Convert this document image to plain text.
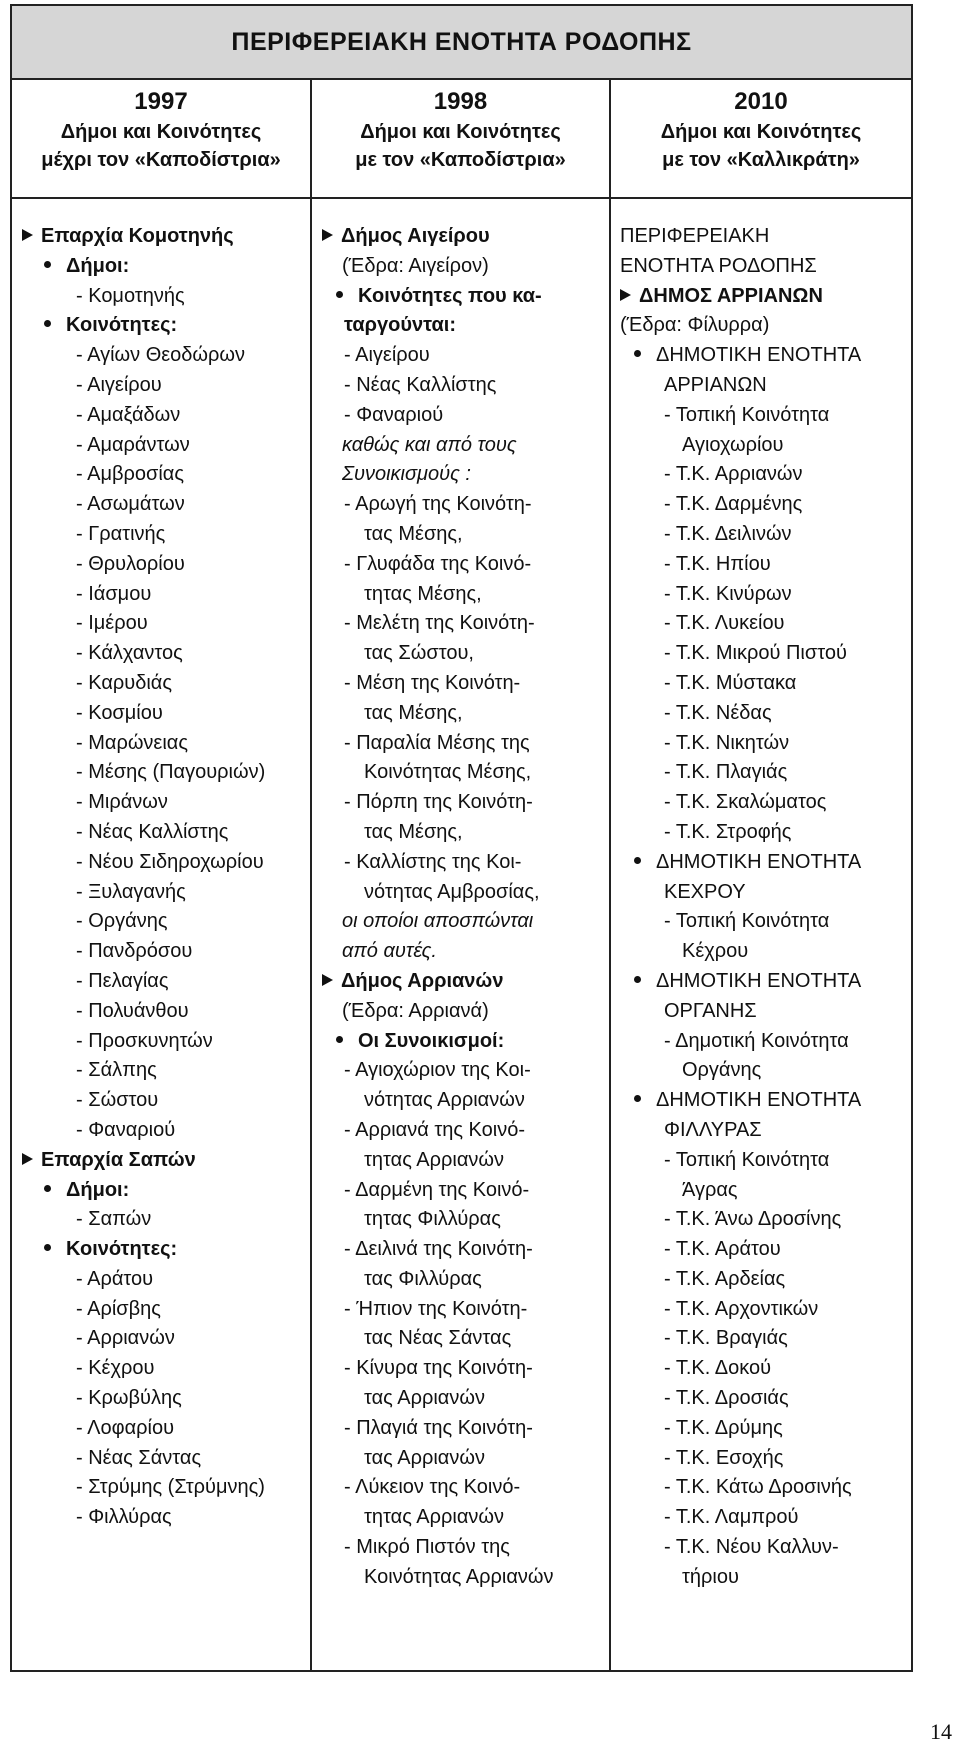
ΠΕΡΙΦΕΡΕΙΑΚΗ ΕΝΟΤΗΤΑ ΡΟΔΟΠΗΣ
1997
Δήμοι και Κοινότητες
μέχρι τον «Καποδίστρια»
1998
Δήμοι και Κοινότητες
με τον «Καποδίστρια»
2010
Δήμοι και Κοινότητες
με τον «Καλλικράτη»
Επαρχία Κομοτηνής
Δήμοι:
- Κομοτηνής
Κοινότητες:
- Αγίων Θεοδώρων
- Αιγείρου
- Αμαξάδων
- Αμαράντων
- Αμβροσίας
- Ασωμάτων
- Γρατινής
- Θρυλορίου
- Ιάσμου
- Ιμέρου
- Κάλχαντος
- Καρυδιάς
- Κοσμίου
- Μαρώνειας
- Μέσης (Παγουριών)
- Μιράνων
- Νέας Καλλίστης
- Νέου Σιδηροχωρίου
- Ξυλαγανής
- Οργάνης
- Πανδρόσου
- Πελαγίας
- Πολυάνθου
- Προσκυνητών
- Σάλπης
- Σώστου
- Φαναριού
Επαρχία Σαπών
Δήμοι:
- Σαπών
Κοινότητες:
- Αράτου
- Αρίσβης
- Αρριανών
- Κέχρου
- Κρωβύλης
- Λοφαρίου
- Νέας Σάντας
- Στρύμης (Στρύμνης)
- Φιλλύρας
Δήμος Αιγείρου
(Έδρα: Αιγείρον)
Κοινότητες που κα-
ταργούνται:
- Αιγείρου
- Νέας Καλλίστης
- Φαναριού
καθώς και από τους
Συνοικισμούς :
- Αρωγή της Κοινότη-
τας Μέσης,
- Γλυφάδα της Κοινό-
τητας Μέσης,
- Μελέτη της Κοινότη-
τας Σώστου,
- Μέση της Κοινότη-
τας Μέσης,
- Παραλία Μέσης της
Κοινότητας Μέσης,
- Πόρπη της Κοινότη-
τας Μέσης,
- Καλλίστης της Κοι-
νότητας Αμβροσίας,
οι οποίοι αποσπώνται
από αυτές.
Δήμος Αρριανών
(Έδρα: Αρριανά)
Οι Συνοικισμοί:
- Αγιοχώριον της Κοι-
νότητας Αρριανών
- Αρριανά της Κοινό-
τητας Αρριανών
- Δαρμένη της Κοινό-
τητας Φιλλύρας
- Δειλινά της Κοινότη-
τας Φιλλύρας
- Ήπιον της Κοινότη-
τας Νέας Σάντας
- Κίνυρα της Κοινότη-
τας Αρριανών
- Πλαγιά της Κοινότη-
τας Αρριανών
- Λύκειον της Κοινό-
τητας Αρριανών
- Μικρό Πιστόν της
Κοινότητας Αρριανών
ΠΕΡΙΦΕΡΕΙΑΚΗ
ΕΝΟΤΗΤΑ ΡΟΔΟΠΗΣ
ΔΗΜΟΣ ΑΡΡΙΑΝΩΝ
(Έδρα: Φίλυρρα)
ΔΗΜΟΤΙΚΗ ΕΝΟΤΗΤΑ
ΑΡΡΙΑΝΩΝ
- Τοπική Κοινότητα
Αγιοχωρίου
- Τ.Κ. Αρριανών
- Τ.Κ. Δαρμένης
- Τ.Κ. Δειλινών
- Τ.Κ. Ηπίου
- Τ.Κ. Κινύρων
- Τ.Κ. Λυκείου
- Τ.Κ. Μικρού Πιστού
- Τ.Κ. Μύστακα
- Τ.Κ. Νέδας
- Τ.Κ. Νικητών
- Τ.Κ. Πλαγιάς
- Τ.Κ. Σκαλώματος
- Τ.Κ. Στροφής
ΔΗΜΟΤΙΚΗ ΕΝΟΤΗΤΑ
ΚΕΧΡΟΥ
- Τοπική Κοινότητα
Κέχρου
ΔΗΜΟΤΙΚΗ ΕΝΟΤΗΤΑ
ΟΡΓΑΝΗΣ
- Δημοτική Κοινότητα
Οργάνης
ΔΗΜΟΤΙΚΗ ΕΝΟΤΗΤΑ
ΦΙΛΛΥΡΑΣ
- Τοπική Κοινότητα
Άγρας
- Τ.Κ. Άνω Δροσίνης
- Τ.Κ. Αράτου
- Τ.Κ. Αρδείας
- Τ.Κ. Αρχοντικών
- Τ.Κ. Βραγιάς
- Τ.Κ. Δοκού
- Τ.Κ. Δροσιάς
- Τ.Κ. Δρύμης
- Τ.Κ. Εσοχής
- Τ.Κ. Κάτω Δροσινής
- Τ.Κ. Λαμπρού
- Τ.Κ. Νέου Καλλυν-
τήριου
14
